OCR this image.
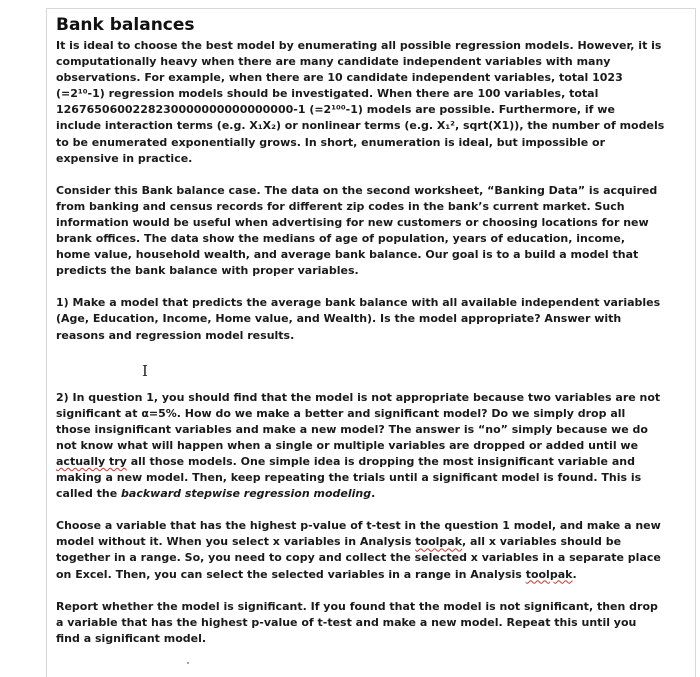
Bank balances

It is ideal to choose the best model by enumerating all possible regression models. However, it is

computationally heavy when there are many candidate independent variables with many

observations. For example, when there are 10 candidate independent variables, total 1023

(=2¹⁰-1) regression models should be investigated. When there are 100 variables, total

1267650600228230000000000000000-1 (=2¹⁰⁰-1) models are possible. Furthermore, if we

include interaction terms (e.g. X₁X₂) or nonlinear terms (e.g. X₁², sqrt(X1)), the number of models

to be enumerated exponentially grows. In short, enumeration is ideal, but impossible or

expensive in practice.

Consider this Bank balance case. The data on the second worksheet, “Banking Data” is acquired

from banking and census records for different zip codes in the bank’s current market. Such

information would be useful when advertising for new customers or choosing locations for new

brank offices. The data show the medians of age of population, years of education, income,

home value, household wealth, and average bank balance. Our goal is to a build a model that

predicts the bank balance with proper variables.

1) Make a model that predicts the average bank balance with all available independent variables

(Age, Education, Income, Home value, and Wealth). Is the model appropriate? Answer with

reasons and regression model results.

2) In question 1, you should find that the model is not appropriate because two variables are not

significant at α=5%. How do we make a better and significant model? Do we simply drop all

those insignificant variables and make a new model? The answer is “no” simply because we do

not know what will happen when a single or multiple variables are dropped or added until we

actually try all those models. One simple idea is dropping the most insignificant variable and

making a new model. Then, keep repeating the trials until a significant model is found. This is

called the backward stepwise regression modeling.

Choose a variable that has the highest p-value of t-test in the question 1 model, and make a new

model without it. When you select x variables in Analysis toolpak, all x variables should be

together in a range. So, you need to copy and collect the selected x variables in a separate place

on Excel. Then, you can select the selected variables in a range in Analysis toolpak.

Report whether the model is significant. If you found that the model is not significant, then drop

a variable that has the highest p-value of t-test and make a new model. Repeat this until you

find a significant model.

I
